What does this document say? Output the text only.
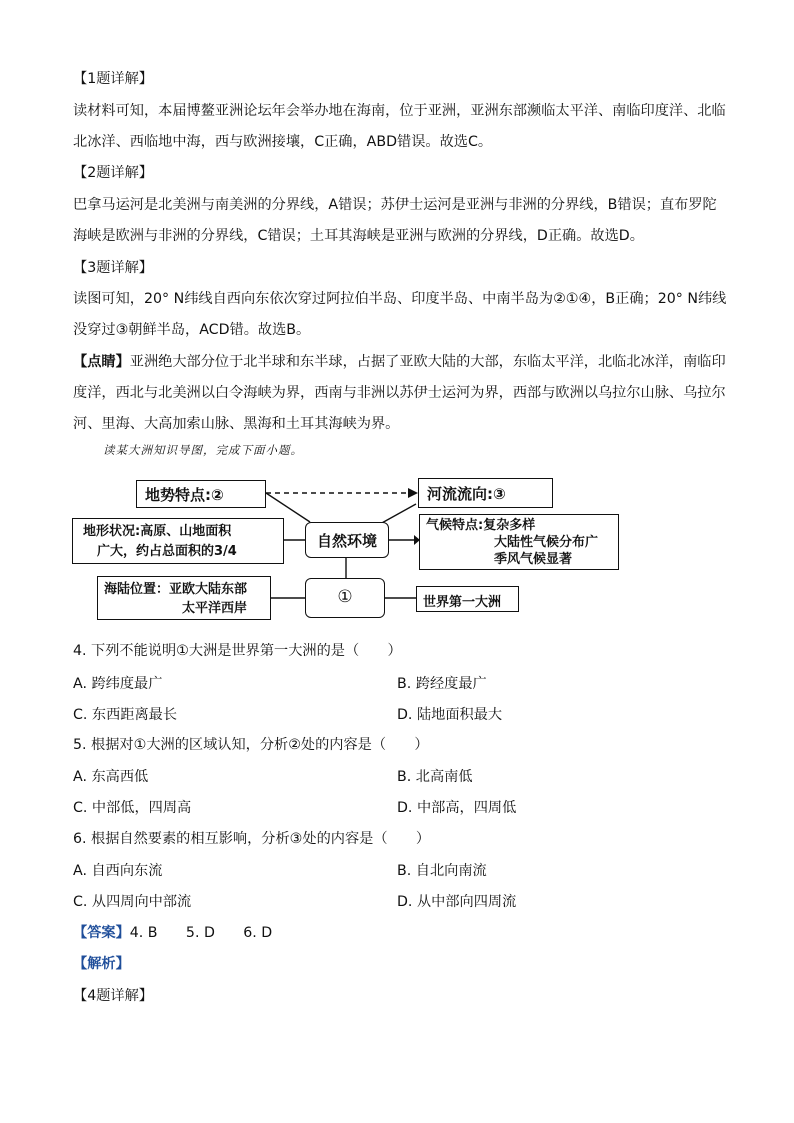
【1题详解】
读材料可知，本届博鳌亚洲论坛年会举办地在海南，位于亚洲，亚洲东部濒临太平洋、南临印度洋、北临
北冰洋、西临地中海，西与欧洲接壤，C正确，ABD错误。故选C。
【2题详解】
巴拿马运河是北美洲与南美洲的分界线，A错误；苏伊士运河是亚洲与非洲的分界线，B错误；直布罗陀
海峡是欧洲与非洲的分界线，C错误；土耳其海峡是亚洲与欧洲的分界线，D正确。故选D。
【3题详解】
读图可知，20° N纬线自西向东依次穿过阿拉伯半岛、印度半岛、中南半岛为②①④，B正确；20° N纬线
没穿过③朝鲜半岛，ACD错。故选B。
【点睛】亚洲绝大部分位于北半球和东半球，占据了亚欧大陆的大部，东临太平洋，北临北冰洋，南临印
度洋，西北与北美洲以白令海峡为界，西南与非洲以苏伊士运河为界，西部与欧洲以乌拉尔山脉、乌拉尔
河、里海、大高加索山脉、黑海和土耳其海峡为界。
读某大洲知识导图，完成下面小题。
地势特点:②	河流流向:③
地形状况:高原、山地面积
广大，约占总面积的3/4
自然环境
气候特点:复杂多样
大陆性气候分布广
季风气候显著
海陆位置：亚欧大陆东部
太平洋西岸
①	世界第一大洲
4. 下列不能说明①大洲是世界第一大洲的是（　　）
A. 跨纬度最广	B. 跨经度最广
C. 东西距离最长	D. 陆地面积最大
5. 根据对①大洲的区域认知，分析②处的内容是（　　）
A. 东高西低	B. 北高南低
C. 中部低，四周高	D. 中部高，四周低
6. 根据自然要素的相互影响，分析③处的内容是（　　）
A. 自西向东流	B. 自北向南流
C. 从四周向中部流	D. 从中部向四周流
【答案】4. B　　5. D　　6. D
【解析】
【4题详解】
